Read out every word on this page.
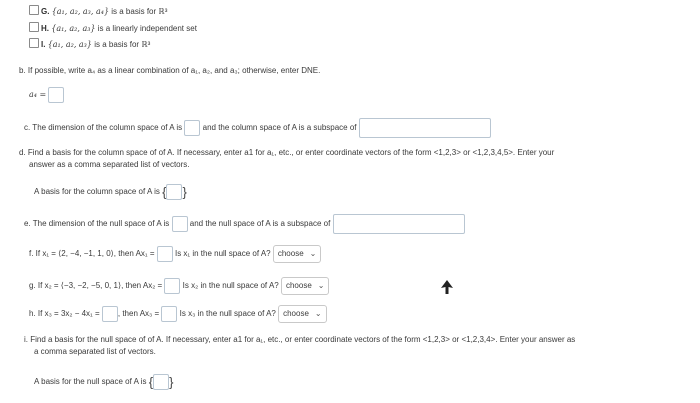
G. {a₁, a₂, a₃, a₄} is a basis for ℝ³
H. {a₁, a₂, a₃} is a linearly independent set
I. {a₁, a₂, a₃} is a basis for ℝ³
b. If possible, write a₄ as a linear combination of a₁, a₂, and a₃; otherwise, enter DNE.
a₄ =
c. The dimension of the column space of A is	and the column space of A is a subspace of
d. Find a basis for the column space of of A. If necessary, enter a1 for a₁, etc., or enter coordinate vectors of the form <1,2,3> or <1,2,3,4,5>. Enter your
answer as a comma separated list of vectors.
A basis for the column space of A is { }
e. The dimension of the null space of A is	and the null space of A is a subspace of
f. If x₁ = ⟨2, −4, −1, 1, 0⟩, then Ax₁ =	Is x₁ in the null space of A? choose ⌄
g. If x₂ = ⟨−3, −2, −5, 0, 1⟩, then Ax₂ =	Is x₂ in the null space of A? choose ⌄
h. If x₃ = 3x₂ − 4x₁ = , then Ax₃ =	Is x₃ in the null space of A? choose ⌄
i. Find a basis for the null space of of A. If necessary, enter a1 for a₁, etc., or enter coordinate vectors of the form <1,2,3> or <1,2,3,4>. Enter your answer as
a comma separated list of vectors.
A basis for the null space of A is { }
